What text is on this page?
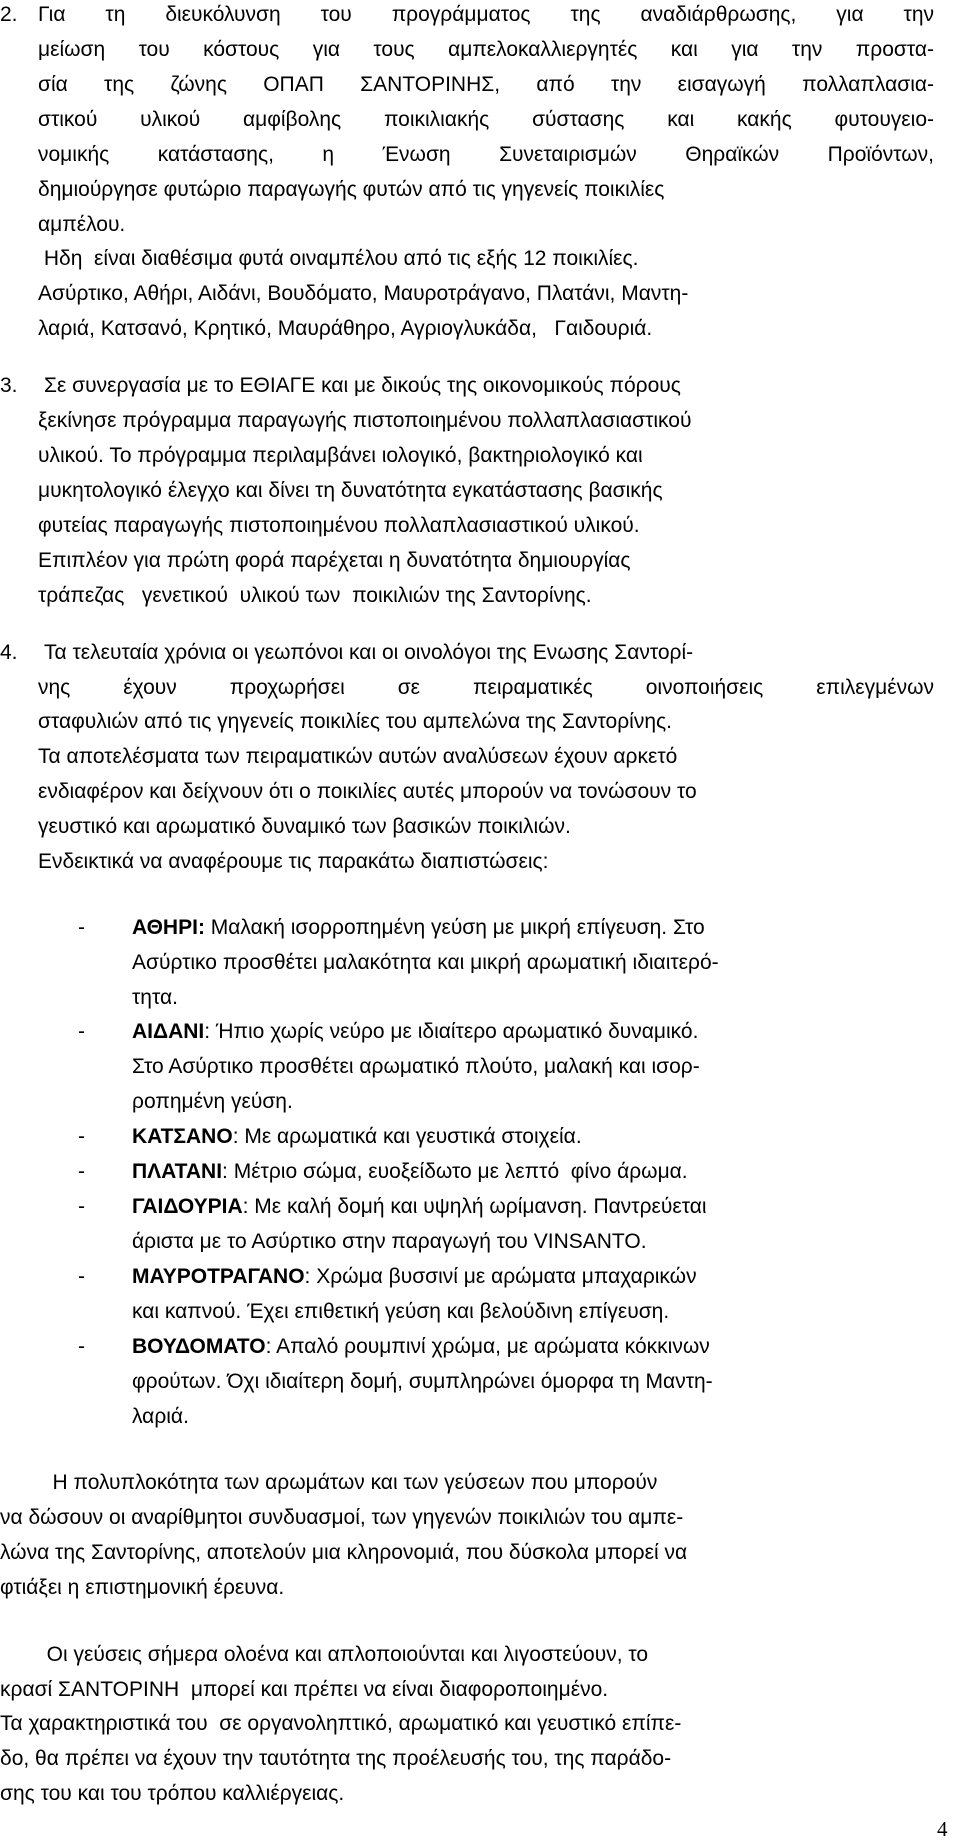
2. Για τη διευκόλυνση του προγράμματος της αναδιάρθρωσης, για την
μείωση του κόστους για τους αμπελοκαλλιεργητές και για την προστα-
σία της ζώνης ΟΠΑΠ ΣΑΝΤΟΡΙΝΗΣ, από την εισαγωγή πολλαπλασια-
στικού υλικού αμφίβολης ποικιλιακής σύστασης και κακής φυτουγειο-
νομικής κατάστασης, η Ένωση Συνεταιρισμών Θηραϊκών Προϊόντων,
δημιούργησε φυτώριο παραγωγής φυτών από τις γηγενείς ποικιλίες
αμπέλου.
Ηδη  είναι διαθέσιμα φυτά οιναμπέλου από τις εξής 12 ποικιλίες.
Ασύρτικο, Αθήρι, Αιδάνι, Βουδόματο, Μαυροτράγανο, Πλατάνι, Μαντη-
λαριά, Κατσανό, Κρητικό, Μαυράθηρο, Αγριογλυκάδα,   Γαιδουριά.
3. Σε συνεργασία με το ΕΘΙΑΓΕ και με δικούς της οικονομικούς πόρους
ξεκίνησε πρόγραμμα παραγωγής πιστοποιημένου πολλαπλασιαστικού
υλικού. Το πρόγραμμα περιλαμβάνει ιολογικό, βακτηριολογικό και
μυκητολογικό έλεγχο και δίνει τη δυνατότητα εγκατάστασης βασικής
φυτείας παραγωγής πιστοποιημένου πολλαπλασιαστικού υλικού.
Επιπλέον για πρώτη φορά παρέχεται η δυνατότητα δημιουργίας
τράπεζας   γενετικού  υλικού των  ποικιλιών της Σαντορίνης.
4. Τα τελευταία χρόνια οι γεωπόνοι και οι οινολόγοι της Ενωσης Σαντορί-
νης έχουν προχωρήσει σε πειραματικές οινοποιήσεις επιλεγμένων
σταφυλιών από τις γηγενείς ποικιλίες του αμπελώνα της Σαντορίνης.
Τα αποτελέσματα των πειραματικών αυτών αναλύσεων έχουν αρκετό
ενδιαφέρον και δείχνουν ότι ο ποικιλίες αυτές μπορούν να τονώσουν το
γευστικό και αρωματικό δυναμικό των βασικών ποικιλιών.
Ενδεικτικά να αναφέρουμε τις παρακάτω διαπιστώσεις:
- ΑΘΗΡΙ: Μαλακή ισορροπημένη γεύση με μικρή επίγευση. Στο
Ασύρτικο προσθέτει μαλακότητα και μικρή αρωματική ιδιαιτερό-
τητα.
- ΑΙΔΑΝΙ: Ήπιο χωρίς νεύρο με ιδιαίτερο αρωματικό δυναμικό.
Στο Ασύρτικο προσθέτει αρωματικό πλούτο, μαλακή και ισορ-
ροπημένη γεύση.
- ΚΑΤΣΑΝΟ: Με αρωματικά και γευστικά στοιχεία.
- ΠΛΑΤΑΝΙ: Μέτριο σώμα, ευοξείδωτο με λεπτό  φίνο άρωμα.
- ΓΑΙΔΟΥΡΙΑ: Με καλή δομή και υψηλή ωρίμανση. Παντρεύεται
άριστα με το Ασύρτικο στην παραγωγή του VINSANTO.
- ΜΑΥΡΟΤΡΑΓΑΝΟ: Χρώμα βυσσινί με αρώματα μπαχαρικών
και καπνού. Έχει επιθετική γεύση και βελούδινη επίγευση.
- ΒΟΥΔΟΜΑΤΟ: Απαλό ρουμπινί χρώμα, με αρώματα κόκκινων
φρούτων. Όχι ιδιαίτερη δομή, συμπληρώνει όμορφα τη Μαντη-
λαριά.
Η πολυπλοκότητα των αρωμάτων και των γεύσεων που μπορούν
να δώσουν οι αναρίθμητοι συνδυασμοί, των γηγενών ποικιλιών του αμπε-
λώνα της Σαντορίνης, αποτελούν μια κληρονομιά, που δύσκολα μπορεί να
φτιάξει η επιστημονική έρευνα.
Οι γεύσεις σήμερα ολοένα και απλοποιούνται και λιγοστεύουν, το
κρασί ΣΑΝΤΟΡΙΝΗ  μπορεί και πρέπει να είναι διαφοροποιημένο.
Τα χαρακτηριστικά του  σε οργανοληπτικό, αρωματικό και γευστικό επίπε-
δο, θα πρέπει να έχουν την ταυτότητα της προέλευσής του, της παράδο-
σης του και του τρόπου καλλιέργειας.
4
